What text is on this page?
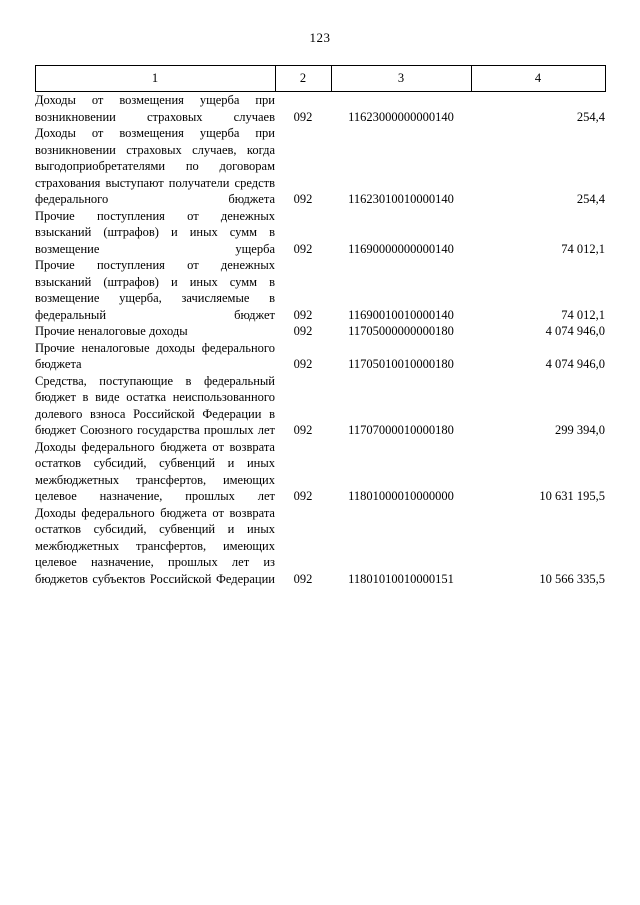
123
1	2	3	4
Доходы от возмещения ущерба при возникновении страховых случаев	092	11623000000000140	254,4
Доходы от возмещения ущерба при возникновении страховых случаев, когда выгодоприобретателями по договорам страхования выступают получатели средств федерального бюджета	092	11623010010000140	254,4
Прочие поступления от денежных взысканий (штрафов) и иных сумм в возмещение ущерба	092	11690000000000140	74 012,1
Прочие поступления от денежных взысканий (штрафов) и иных сумм в возмещение ущерба, зачисляемые в федеральный бюджет	092	11690010010000140	74 012,1
Прочие неналоговые доходы	092	11705000000000180	4 074 946,0
Прочие неналоговые доходы федерального бюджета	092	11705010010000180	4 074 946,0
Средства, поступающие в федеральный бюджет в виде остатка неиспользованного долевого взноса Российской Федерации в бюджет Союзного государства прошлых лет	092	11707000010000180	299 394,0
Доходы федерального бюджета от возврата остатков субсидий, субвенций и иных межбюджетных трансфертов, имеющих целевое назначение, прошлых лет	092	11801000010000000	10 631 195,5
Доходы федерального бюджета от возврата остатков субсидий, субвенций и иных межбюджетных трансфертов, имеющих целевое назначение, прошлых лет из бюджетов субъектов Российской Федерации	092	11801010010000151	10 566 335,5
